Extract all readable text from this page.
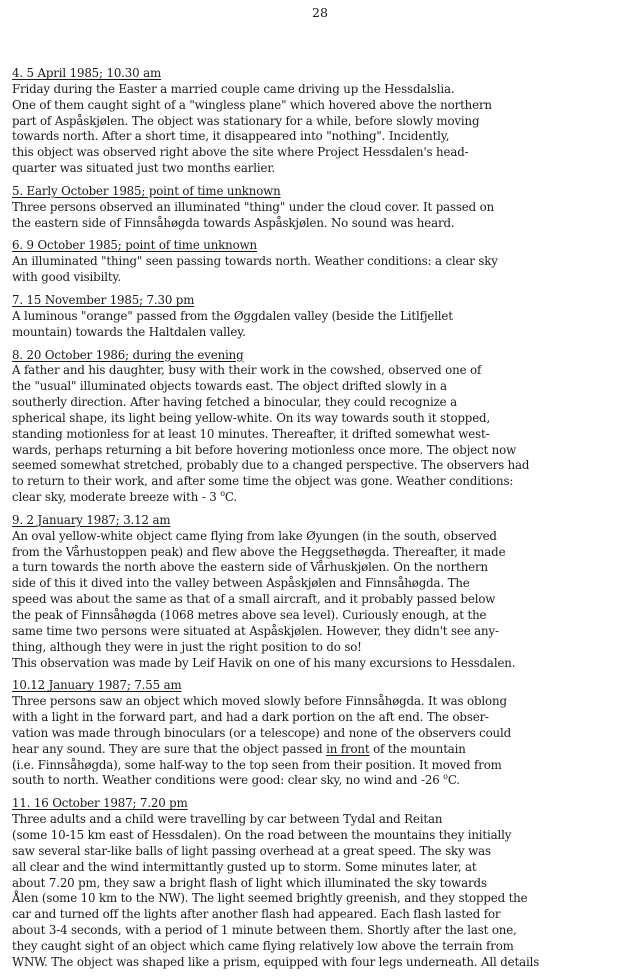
28
4. 5 April 1985; 10.30 am
Friday during the Easter a married couple came driving up the Hessdalslia.
One of them caught sight of a "wingless plane" which hovered above the northern
part of Aspåskjølen. The object was stationary for a while, before slowly moving
towards north. After a short time, it disappeared into "nothing". Incidently,
this object was observed right above the site where Project Hessdalen's head-
quarter was situated just two months earlier.
5. Early October 1985; point of time unknown
Three persons observed an illuminated "thing" under the cloud cover. It passed on
the eastern side of Finnsåhøgda towards Aspåskjølen. No sound was heard.
6. 9 October 1985; point of time unknown
An illuminated "thing" seen passing towards north. Weather conditions: a clear sky
with good visibilty.
7. 15 November 1985; 7.30 pm
A luminous "orange" passed from the Øggdalen valley (beside the Litlfjellet
mountain) towards the Haltdalen valley.
8. 20 October 1986; during the evening
A father and his daughter, busy with their work in the cowshed, observed one of
the "usual" illuminated objects towards east. The object drifted slowly in a
southerly direction. After having fetched a binocular, they could recognize a
spherical shape, its light being yellow-white. On its way towards south it stopped,
standing motionless for at least 10 minutes. Thereafter, it drifted somewhat west-
wards, perhaps returning a bit before hovering motionless once more. The object now
seemed somewhat stretched, probably due to a changed perspective. The observers had
to return to their work, and after some time the object was gone. Weather conditions:
clear sky, moderate breeze with - 3 $^o$C.
9. 2 January 1987; 3.12 am
An oval yellow-white object came flying from lake Øyungen (in the south, observed
from the Vårhustoppen peak) and flew above the Heggsethøgda. Thereafter, it made
a turn towards the north above the eastern side of Vårhuskjølen. On the northern
side of this it dived into the valley between Aspåskjølen and Finnsåhøgda. The
speed was about the same as that of a small aircraft, and it probably passed below
the peak of Finnsåhøgda (1068 metres above sea level). Curiously enough, at the
same time two persons were situated at Aspåskjølen. However, they didn't see any-
thing, although they were in just the right position to do so!
This observation was made by Leif Havik on one of his many excursions to Hessdalen.
10.12 January 1987; 7.55 am
Three persons saw an object which moved slowly before Finnsåhøgda. It was oblong
with a light in the forward part, and had a dark portion on the aft end. The obser-
vation was made through binoculars (or a telescope) and none of the observers could
hear any sound. They are sure that the object passed in front of the mountain
(i.e. Finnsåhøgda), some half-way to the top seen from their position. It moved from
south to north. Weather conditions were good: clear sky, no wind and -26 $^o$C.
11. 16 October 1987; 7.20 pm
Three adults and a child were travelling by car between Tydal and Reitan
(some 10-15 km east of Hessdalen). On the road between the mountains they initially
saw several star-like balls of light passing overhead at a great speed. The sky was
all clear and the wind intermittantly gusted up to storm. Some minutes later, at
about 7.20 pm, they saw a bright flash of light which illuminated the sky towards
Ålen (some 10 km to the NW). The light seemed brightly greenish, and they stopped the
car and turned off the lights after another flash had appeared. Each flash lasted for
about 3-4 seconds, with a period of 1 minute between them. Shortly after the last one,
they caught sight of an object which came flying relatively low above the terrain from
WNW. The object was shaped like a prism, equipped with four legs underneath. All details
